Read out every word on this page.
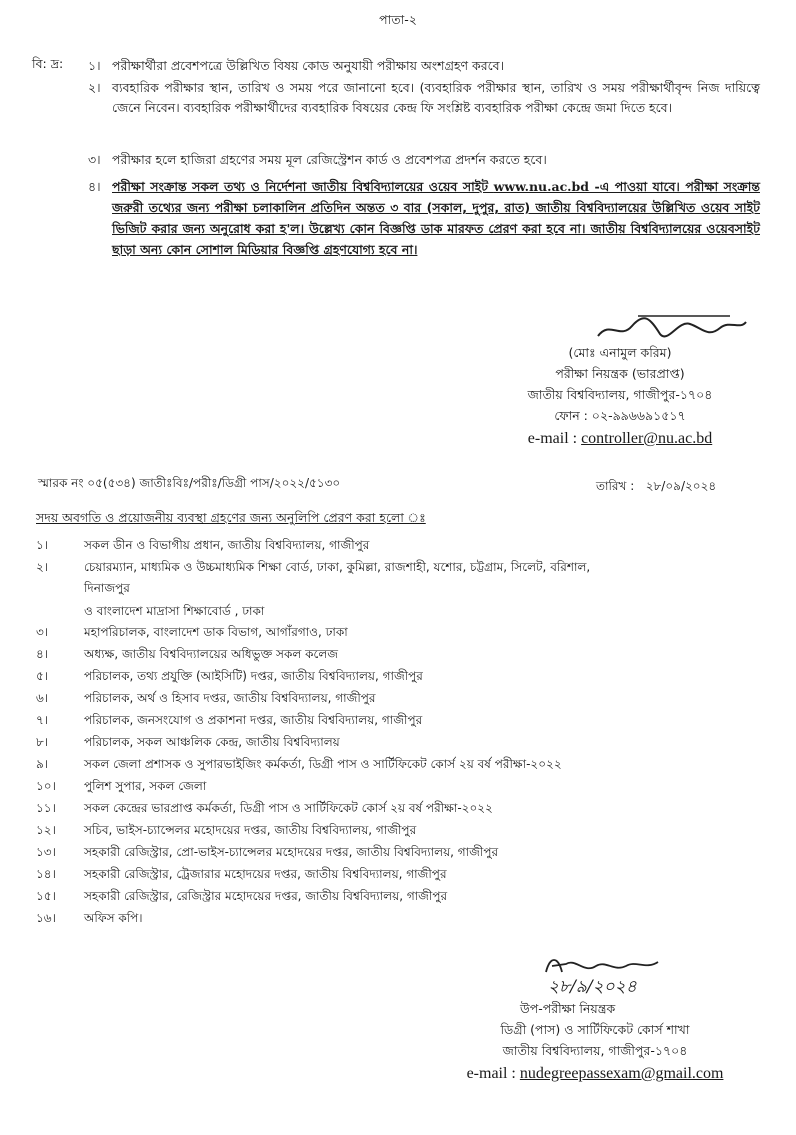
পাতা-২
বি: দ্র: ১। পরীক্ষার্থীরা প্রবেশপত্রে উল্লিখিত বিষয় কোড অনুযায়ী পরীক্ষায় অংশগ্রহণ করবে।
২। ব্যবহারিক পরীক্ষার স্থান, তারিখ ও সময় পরে জানানো হবে। (ব্যবহারিক পরীক্ষার স্থান, তারিখ ও সময় পরীক্ষার্থীবৃন্দ নিজ দায়িত্বে জেনে নিবেন। ব্যবহারিক পরীক্ষার্থীদের ব্যবহারিক বিষয়ের কেন্দ্র ফি সংশ্লিষ্ট ব্যবহারিক পরীক্ষা কেন্দ্রে জমা দিতে হবে।
৩। পরীক্ষার হলে হাজিরা গ্রহণের সময় মূল রেজিস্ট্রেশন কার্ড ও প্রবেশপত্র প্রদর্শন করতে হবে।
৪। পরীক্ষা সংক্রান্ত সকল তথ্য ও নির্দেশনা জাতীয় বিশ্ববিদ্যালয়ের ওয়েব সাইট www.nu.ac.bd -এ পাওয়া যাবে। পরীক্ষা সংক্রান্ত জরুরী তথ্যের জন্য পরীক্ষা চলাকালিন প্রতিদিন অন্তত ৩ বার (সকাল, দুপুর, রাত) জাতীয় বিশ্ববিদ্যালয়ের উল্লিখিত ওয়েব সাইট ভিজিট করার জন্য অনুরোধ করা হ'ল। উল্লেখ্য কোন বিজ্ঞপ্তি ডাক মারফত প্রেরণ করা হবে না। জাতীয় বিশ্ববিদ্যালয়ের ওয়েবসাইট ছাড়া অন্য কোন সোশাল মিডিয়ার বিজ্ঞপ্তি গ্রহণযোগ্য হবে না।
(মোঃ এনামুল করিম)
পরীক্ষা নিয়ন্ত্রক (ভারপ্রাপ্ত)
জাতীয় বিশ্ববিদ্যালয়, গাজীপুর-১৭০৪
ফোন : ০২-৯৯৬৬৯১৫১৭
e-mail : controller@nu.ac.bd
স্মারক নং ০৫(৫৩৪) জাতীঃবিঃ/পরীঃ/ডিগ্রী পাস/২০২২/৫১৩০	তারিখ : ২৮/০৯/২০২৪
সদয় অবগতি ও প্রয়োজনীয় ব্যবস্থা গ্রহণের জন্য অনুলিপি প্রেরণ করা হলো ঃ
১।	সকল ডীন ও বিভাগীয় প্রধান, জাতীয় বিশ্ববিদ্যালয়, গাজীপুর
২।	চেয়ারম্যান, মাধ্যমিক ও উচ্চমাধ্যমিক শিক্ষা বোর্ড, ঢাকা, কুমিল্লা, রাজশাহী, যশোর, চট্টগ্রাম, সিলেট, বরিশাল,
দিনাজপুর
ও বাংলাদেশ মাদ্রাসা শিক্ষাবোর্ড , ঢাকা
৩।	মহাপরিচালক, বাংলাদেশ ডাক বিভাগ, আগাঁরগাও, ঢাকা
৪।	অধ্যক্ষ, জাতীয় বিশ্ববিদ্যালয়ের অধিভুক্ত সকল কলেজ
৫।	পরিচালক, তথ্য প্রযুক্তি (আইসিটি) দপ্তর, জাতীয় বিশ্ববিদ্যালয়, গাজীপুর
৬।	পরিচালক, অর্থ ও হিসাব দপ্তর, জাতীয় বিশ্ববিদ্যালয়, গাজীপুর
৭।	পরিচালক, জনসংযোগ ও প্রকাশনা দপ্তর, জাতীয় বিশ্ববিদ্যালয়, গাজীপুর
৮।	পরিচালক, সকল আঞ্চলিক কেন্দ্র, জাতীয় বিশ্ববিদ্যালয়
৯।	সকল জেলা প্রশাসক ও সুপারভাইজিং কর্মকর্তা, ডিগ্রী পাস ও সার্টিফিকেট কোর্স ২য় বর্ষ পরীক্ষা-২০২২
১০।	পুলিশ সুপার, সকল জেলা
১১।	সকল কেন্দ্রের ভারপ্রাপ্ত কর্মকর্তা, ডিগ্রী পাস ও সার্টিফিকেট কোর্স ২য় বর্ষ পরীক্ষা-২০২২
১২।	সচিব, ভাইস-চ্যান্সেলর মহোদয়ের দপ্তর, জাতীয় বিশ্ববিদ্যালয়, গাজীপুর
১৩।	সহকারী রেজিস্ট্রার, প্রো-ভাইস-চ্যান্সেলর মহোদয়ের দপ্তর, জাতীয় বিশ্ববিদ্যালয়, গাজীপুর
১৪।	সহকারী রেজিস্ট্রার, ট্রেজারার মহোদয়ের দপ্তর, জাতীয় বিশ্ববিদ্যালয়, গাজীপুর
১৫।	সহকারী রেজিস্ট্রার, রেজিস্ট্রার মহোদয়ের দপ্তর, জাতীয় বিশ্ববিদ্যালয়, গাজীপুর
১৬।	অফিস কপি।
২৮/৯/২০২৪
উপ-পরীক্ষা নিয়ন্ত্রক
ডিগ্রী (পাস) ও সার্টিফিকেট কোর্স শাখা
জাতীয় বিশ্ববিদ্যালয়, গাজীপুর-১৭০৪
e-mail : nudegreepassexam@gmail.com
